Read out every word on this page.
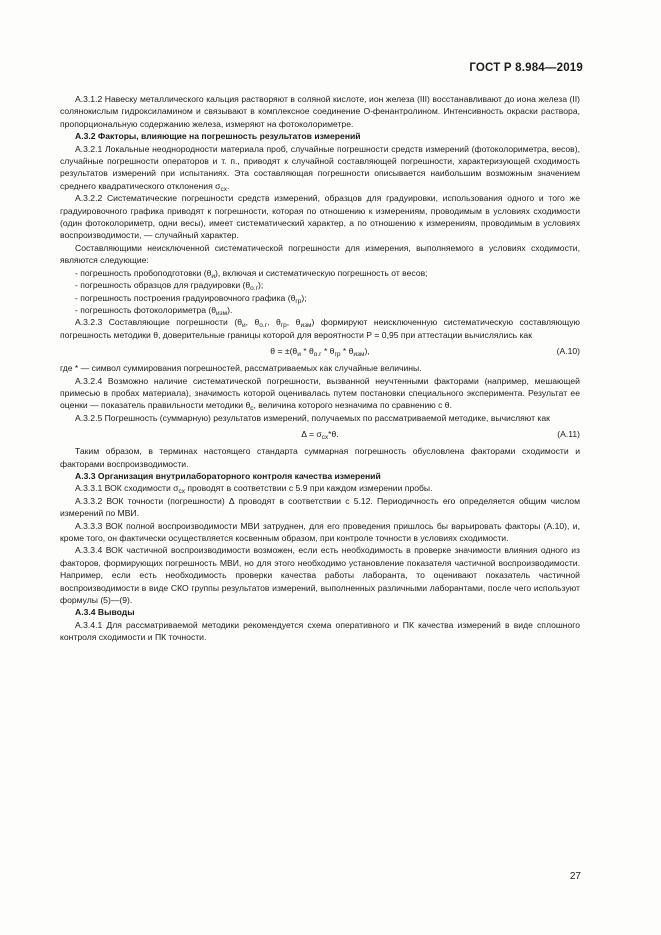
ГОСТ Р 8.984—2019

А.3.1.2 Навеску металлического кальция растворяют в соляной кислоте, ион железа (III) восстанавливают до иона железа (II) солянокислым гидроксиламином и связывают в комплексное соединение О-фенантролином. Интенсивность окраски раствора, пропорциональную содержанию железа, измеряют на фотоколориметре.

А.3.2 Факторы, влияющие на погрешность результатов измерений

А.3.2.1 Локальные неоднородности материала проб, случайные погрешности средств измерений (фотоколориметра, весов), случайные погрешности операторов и т. п., приводят к случайной составляющей погрешности, характеризующей сходимость результатов измерений при испытаниях. Эта составляющая погрешности описывается наибольшим возможным значением среднего квадратического отклонения $\sigma_{сх}$.

А.3.2.2 Систематические погрешности средств измерений, образцов для градуировки, использования одного и того же градуировочного графика приводят к погрешности, которая по отношению к измерениям, проводимым в условиях сходимости (один фотоколориметр, одни весы), имеет систематический характер, а по отношению к измерениям, проводимым в условиях воспроизводимости, — случайный характер.

Составляющими неисключенной систематической погрешности для измерения, выполняемого в условиях сходимости, являются следующие:

- погрешность пробоподготовки $(\theta_и)$, включая и систематическую погрешность от весов;

- погрешность образцов для градуировки $(\theta_{о.г})$;

- погрешность построения градуировочного графика $(\theta_{гр})$;

- погрешность фотоколориметра $(\theta_{изм})$.

А.3.2.3 Составляющие погрешности ($\theta_и$, $\theta_{о.г}$, $\theta_{гр}$, $\theta_{изм}$) формируют неисключенную систематическую составляющую погрешность методики θ, доверительные границы которой для вероятности Р = 0,95 при аттестации вычислялись как

$\theta = \pm(\theta_и * \theta_{о.г} * \theta_{гр} * \theta_{изм})$,	(А.10)

где * — символ суммирования погрешностей, рассматриваемых как случайные величины.

А.3.2.4 Возможно наличие систематической погрешности, вызванной неучтенными факторами (например, мешающей примесью в пробах материала), значимость которой оценивалась путем постановки специального эксперимента. Результат ее оценки — показатель правильности методики $\theta_с$, величина которого незначима по сравнению с θ.

А.3.2.5 Погрешность (суммарную) результатов измерений, получаемых по рассматриваемой методике, вычисляют как

$\Delta = \sigma_{сх}*\theta$.	(А.11)

Таким образом, в терминах настоящего стандарта суммарная погрешность обусловлена факторами сходимости и факторами воспроизводимости.

А.3.3 Организация внутрилабораторного контроля качества измерений

А.3.3.1 ВОК сходимости $\sigma_{сх}$ проводят в соответствии с 5.9 при каждом измерении пробы.

А.3.3.2 ВОК точности (погрешности) Δ проводят в соответствии с 5.12. Периодичность его определяется общим числом измерений по МВИ.

А.3.3.3 ВОК полной воспроизводимости МВИ затруднен, для его проведения пришлось бы варьировать факторы (А.10), и, кроме того, он фактически осуществляется косвенным образом, при контроле точности в условиях сходимости.

А.3.3.4 ВОК частичной воспроизводимости возможен, если есть необходимость в проверке значимости влияния одного из факторов, формирующих погрешность МВИ, но для этого необходимо установление показателя частичной воспроизводимости. Например, если есть необходимость проверки качества работы лаборанта, то оценивают показатель частичной воспроизводимости в виде СКО группы результатов измерений, выполненных различными лаборантами, после чего используют формулы (5)—(9).

А.3.4 Выводы

А.3.4.1 Для рассматриваемой методики рекомендуется схема оперативного и ПК качества измерений в виде сплошного контроля сходимости и ПК точности.

27
